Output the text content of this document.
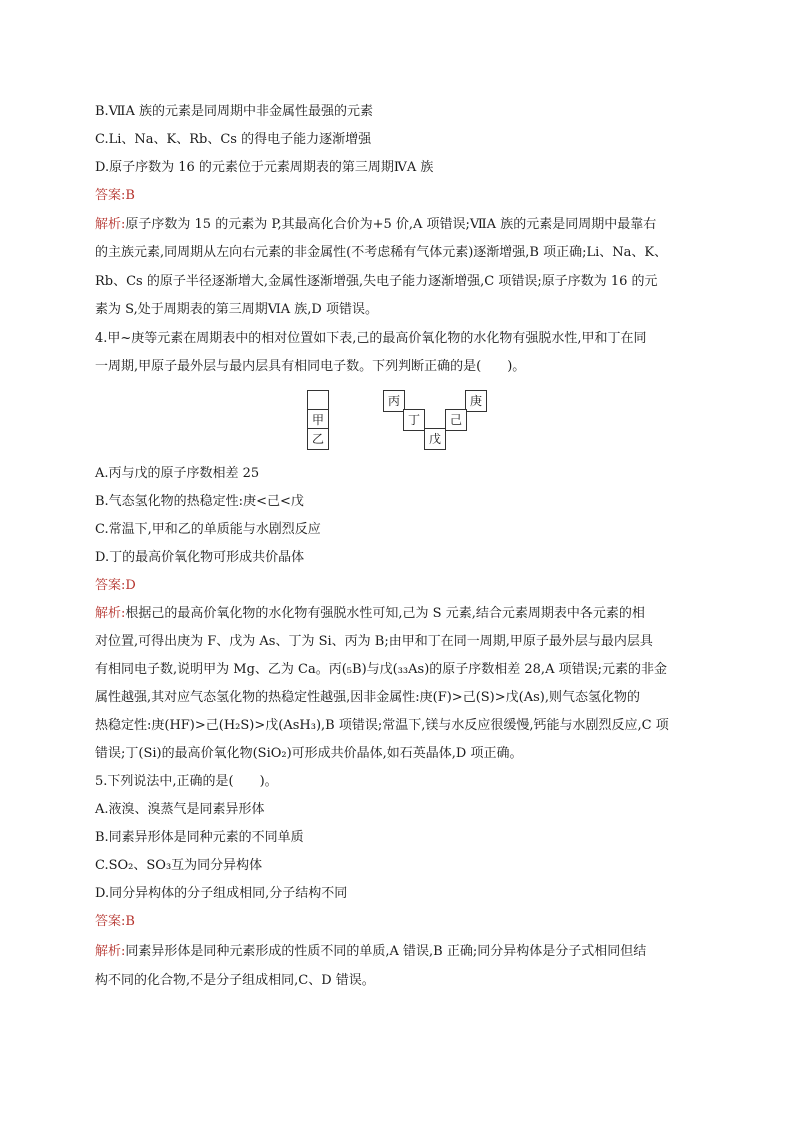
B.ⅦA 族的元素是同周期中非金属性最强的元素
C.Li、Na、K、Rb、Cs 的得电子能力逐渐增强
D.原子序数为 16 的元素位于元素周期表的第三周期ⅣA 族
答案:B
解析:原子序数为 15 的元素为 P,其最高化合价为+5 价,A 项错误;ⅦA 族的元素是同周期中最靠右
的主族元素,同周期从左向右元素的非金属性(不考虑稀有气体元素)逐渐增强,B 项正确;Li、Na、K、
Rb、Cs 的原子半径逐渐增大,金属性逐渐增强,失电子能力逐渐增强,C 项错误;原子序数为 16 的元
素为 S,处于周期表的第三周期ⅥA 族,D 项错误。
4.甲~庚等元素在周期表中的相对位置如下表,己的最高价氧化物的水化物有强脱水性,甲和丁在同
一周期,甲原子最外层与最内层具有相同电子数。下列判断正确的是(　　)。
甲
乙
丙	庚
丁	己
戊
A.丙与戊的原子序数相差 25
B.气态氢化物的热稳定性:庚<己<戊
C.常温下,甲和乙的单质能与水剧烈反应
D.丁的最高价氧化物可形成共价晶体
答案:D
解析:根据己的最高价氧化物的水化物有强脱水性可知,己为 S 元素,结合元素周期表中各元素的相
对位置,可得出庚为 F、戊为 As、丁为 Si、丙为 B;由甲和丁在同一周期,甲原子最外层与最内层具
有相同电子数,说明甲为 Mg、乙为 Ca。丙(₅B)与戊(₃₃As)的原子序数相差 28,A 项错误;元素的非金
属性越强,其对应气态氢化物的热稳定性越强,因非金属性:庚(F)>己(S)>戊(As),则气态氢化物的
热稳定性:庚(HF)>己(H₂S)>戊(AsH₃),B 项错误;常温下,镁与水反应很缓慢,钙能与水剧烈反应,C 项
错误;丁(Si)的最高价氧化物(SiO₂)可形成共价晶体,如石英晶体,D 项正确。
5.下列说法中,正确的是(　　)。
A.液溴、溴蒸气是同素异形体
B.同素异形体是同种元素的不同单质
C.SO₂、SO₃互为同分异构体
D.同分异构体的分子组成相同,分子结构不同
答案:B
解析:同素异形体是同种元素形成的性质不同的单质,A 错误,B 正确;同分异构体是分子式相同但结
构不同的化合物,不是分子组成相同,C、D 错误。
